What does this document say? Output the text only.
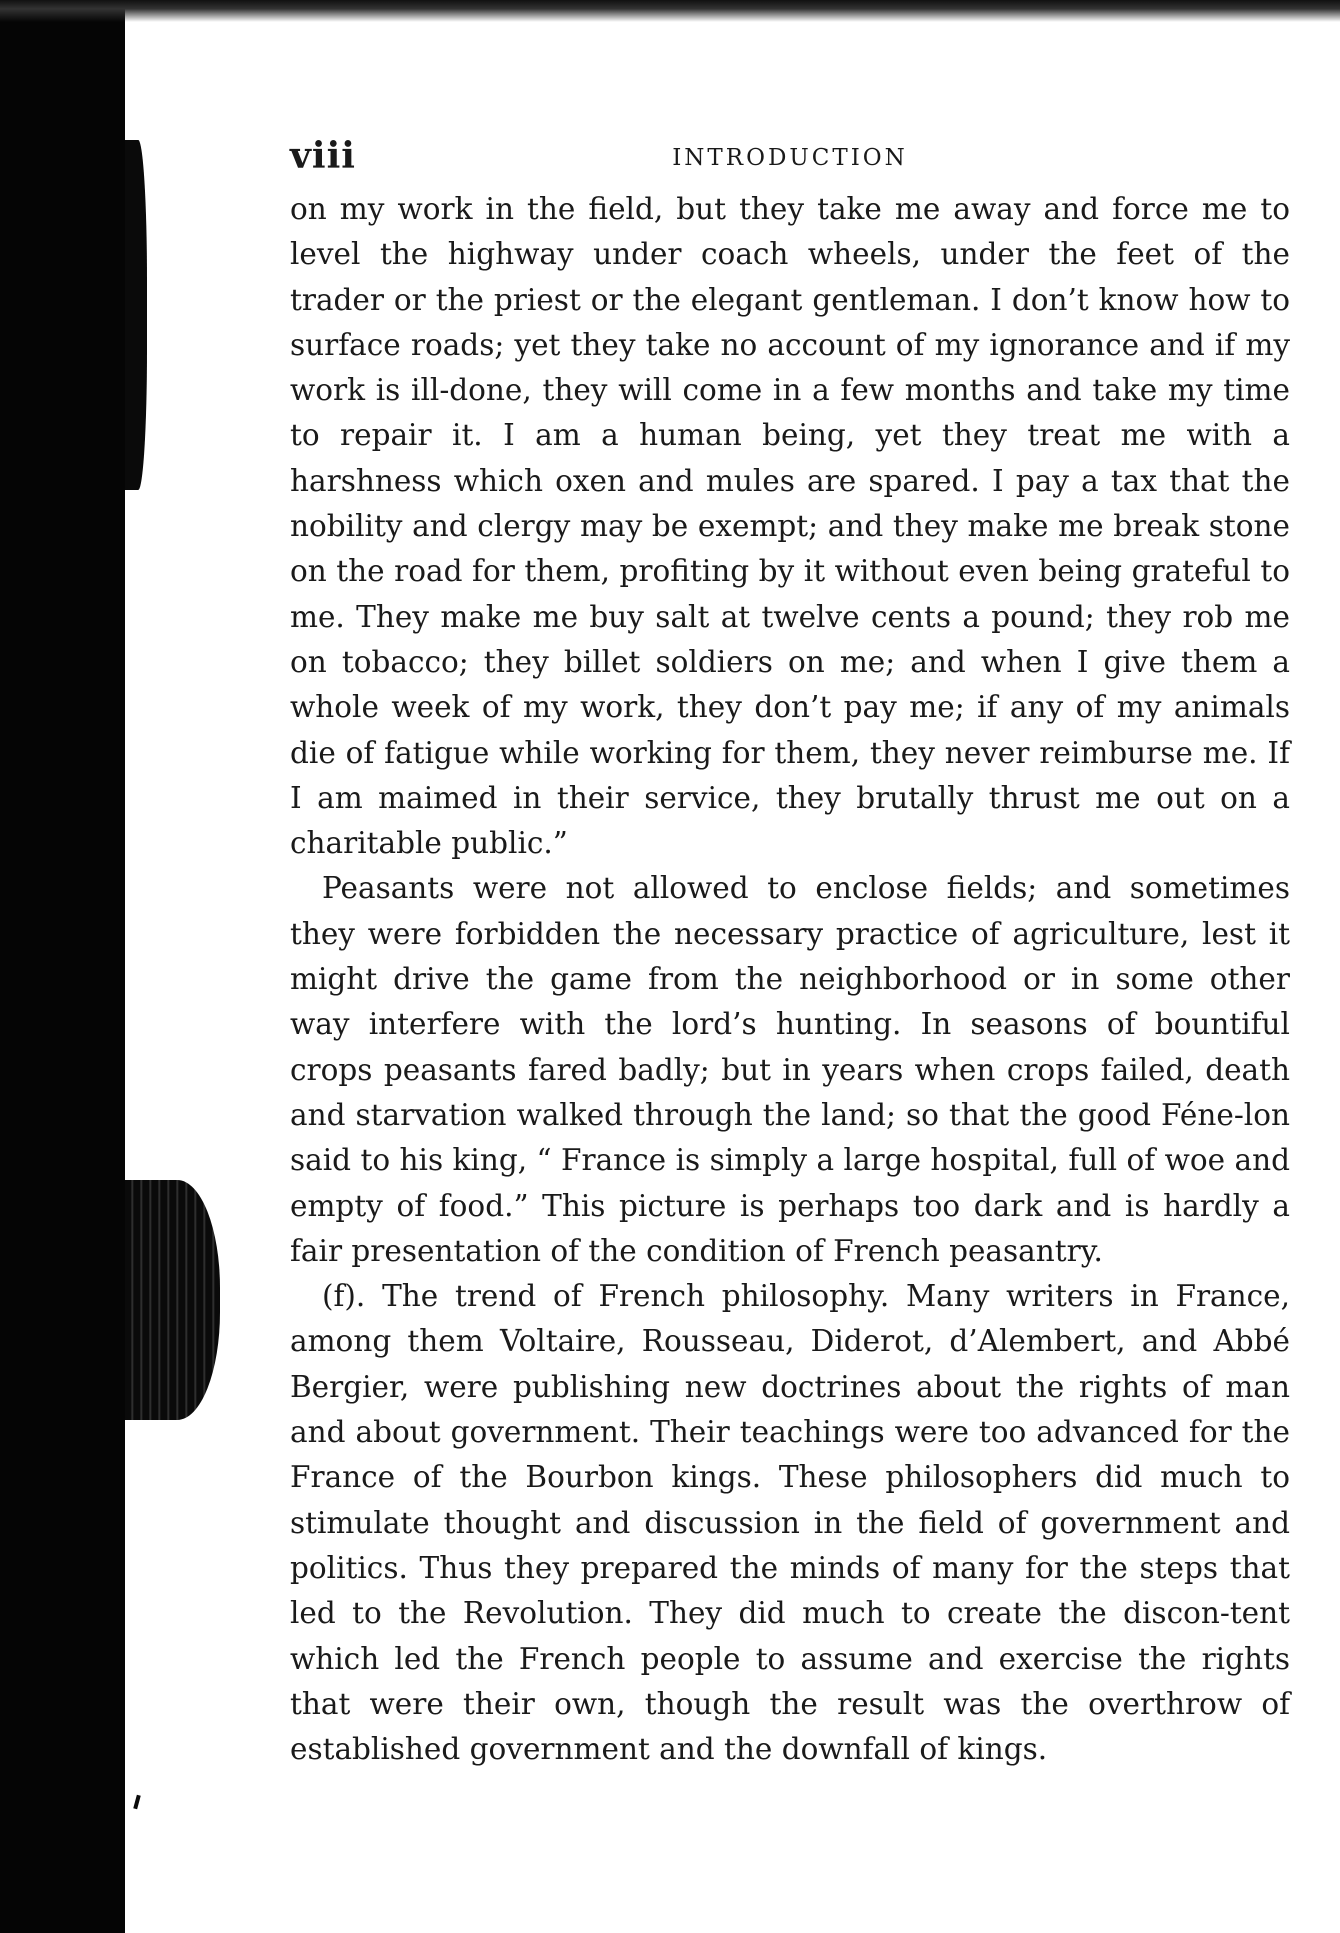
viii	INTRODUCTION

on my work in the field, but they take me away and force me to level the highway under coach wheels, under the feet of the trader or the priest or the elegant gentleman. I don’t know how to surface roads; yet they take no account of my ignorance and if my work is ill-done, they will come in a few months and take my time to repair it. I am a human being, yet they treat me with a harshness which oxen and mules are spared. I pay a tax that the nobility and clergy may be exempt; and they make me break stone on the road for them, profiting by it without even being grateful to me. They make me buy salt at twelve cents a pound; they rob me on tobacco; they billet soldiers on me; and when I give them a whole week of my work, they don’t pay me; if any of my animals die of fatigue while working for them, they never reimburse me. If I am maimed in their service, they brutally thrust me out on a charitable public.”

Peasants were not allowed to enclose fields; and sometimes they were forbidden the necessary practice of agriculture, lest it might drive the game from the neighborhood or in some other way interfere with the lord’s hunting. In seasons of bountiful crops peasants fared badly; but in years when crops failed, death and starvation walked through the land; so that the good Féne-lon said to his king, “ France is simply a large hospital, full of woe and empty of food.” This picture is perhaps too dark and is hardly a fair presentation of the condition of French peasantry.

(f). The trend of French philosophy. Many writers in France, among them Voltaire, Rousseau, Diderot, d’Alembert, and Abbé Bergier, were publishing new doctrines about the rights of man and about government. Their teachings were too advanced for the France of the Bourbon kings. These philosophers did much to stimulate thought and discussion in the field of government and politics. Thus they prepared the minds of many for the steps that led to the Revolution. They did much to create the discon-tent which led the French people to assume and exercise the rights that were their own, though the result was the overthrow of established government and the downfall of kings.
